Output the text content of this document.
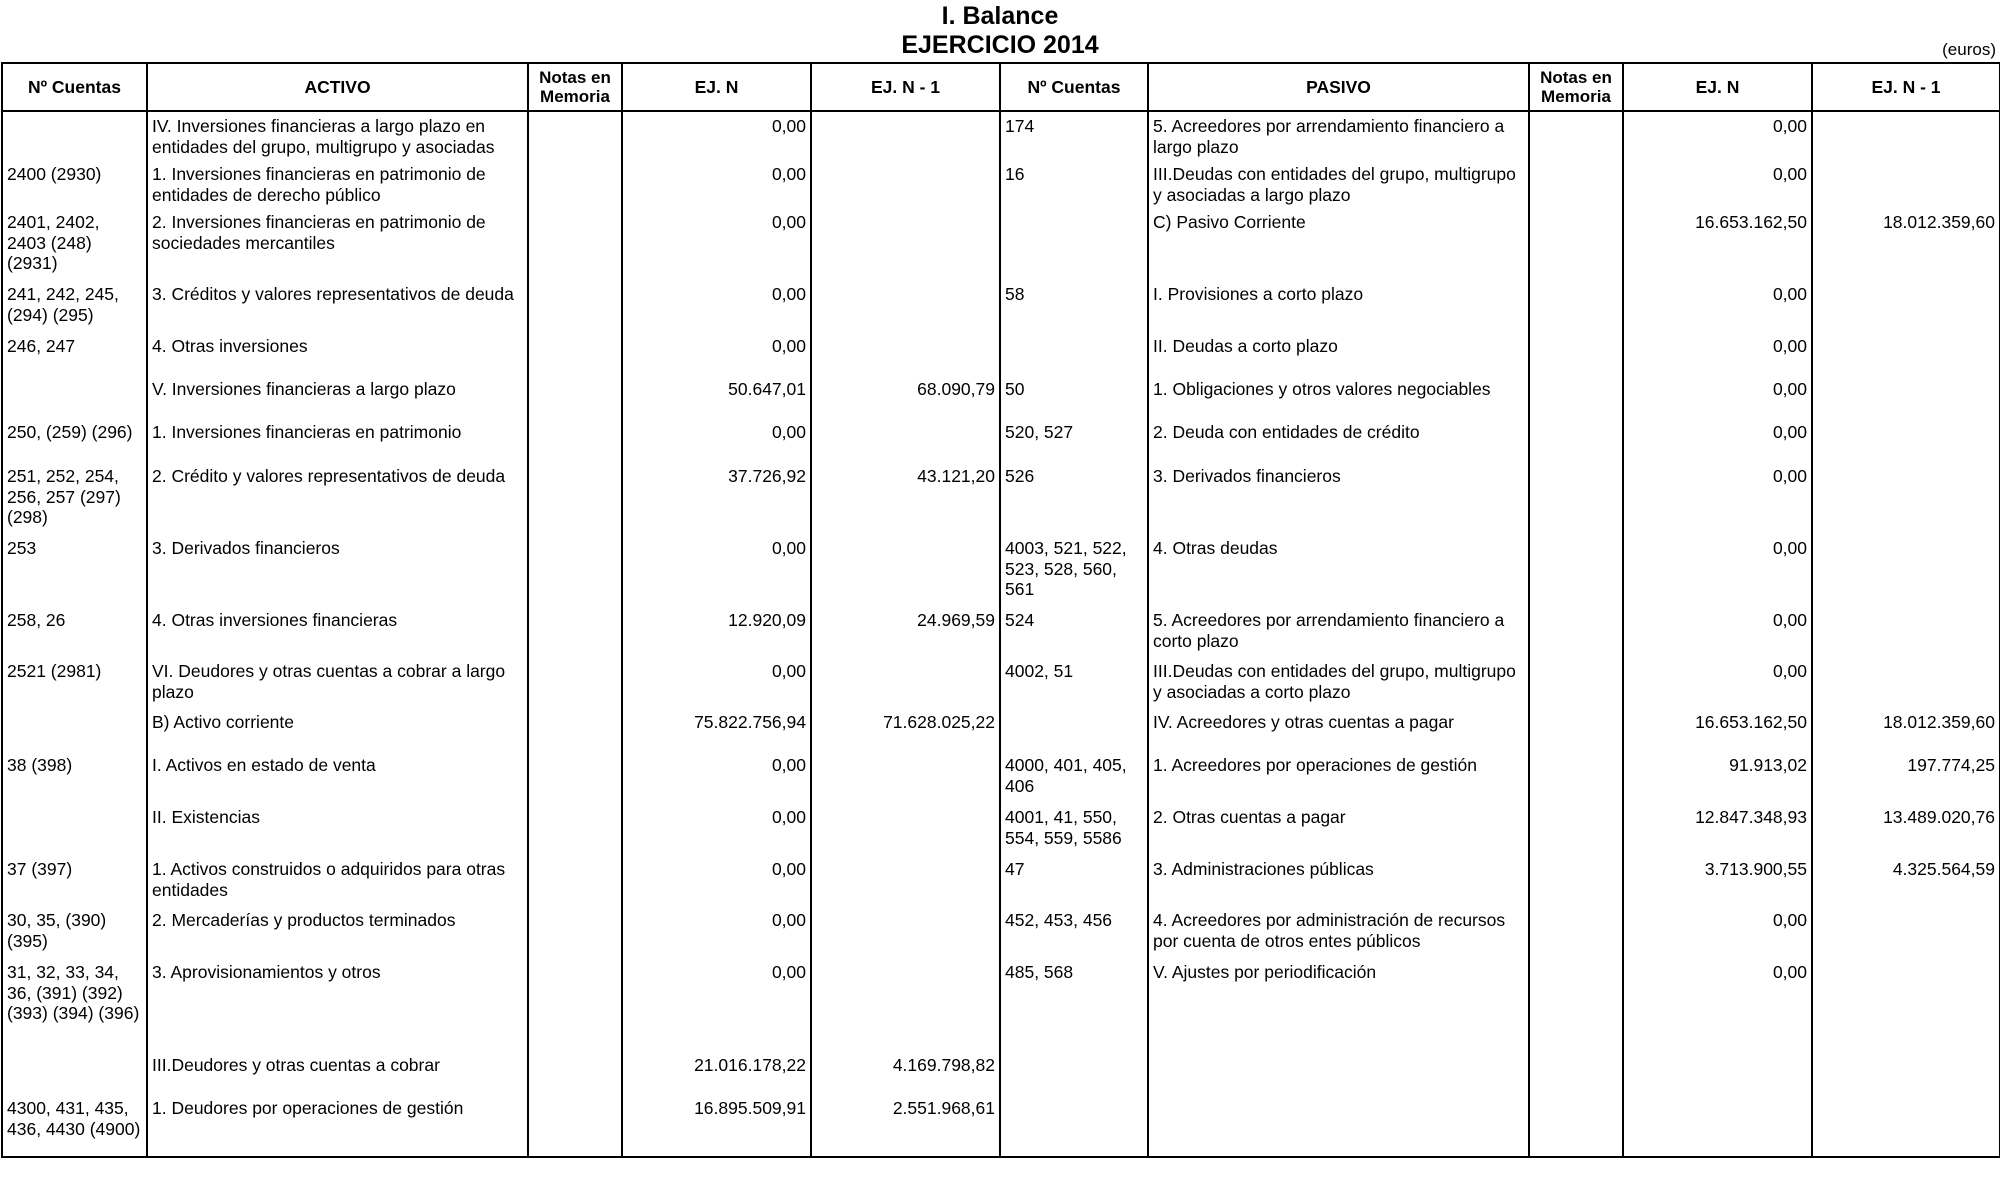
I. Balance
EJERCICIO 2014	(euros)
Nº Cuentas	ACTIVO	Notas en Memoria	EJ. N	EJ. N - 1	Nº Cuentas	PASIVO	Notas en Memoria	EJ. N	EJ. N - 1
	IV. Inversiones financieras a largo plazo en entidades del grupo, multigrupo y asociadas		0,00		174	5. Acreedores por arrendamiento financiero a largo plazo		0,00	
2400 (2930)	1. Inversiones financieras en patrimonio de entidades de derecho público		0,00		16	III.Deudas con entidades del grupo, multigrupo y asociadas a largo plazo		0,00	
2401, 2402, 2403 (248) (2931)	2. Inversiones financieras en patrimonio de sociedades mercantiles		0,00			C) Pasivo Corriente		16.653.162,50	18.012.359,60
241, 242, 245, (294) (295)	3. Créditos y valores representativos de deuda		0,00		58	I. Provisiones a corto plazo		0,00	
246, 247	4. Otras inversiones		0,00			II. Deudas a corto plazo		0,00	
	V. Inversiones financieras a largo plazo		50.647,01	68.090,79	50	1. Obligaciones y otros valores negociables		0,00	
250, (259) (296)	1. Inversiones financieras en patrimonio		0,00		520, 527	2. Deuda con entidades de crédito		0,00	
251, 252, 254, 256, 257 (297) (298)	2. Crédito y valores representativos de deuda		37.726,92	43.121,20	526	3. Derivados financieros		0,00	
253	3. Derivados financieros		0,00		4003, 521, 522, 523, 528, 560, 561	4. Otras deudas		0,00	
258, 26	4. Otras inversiones financieras		12.920,09	24.969,59	524	5. Acreedores por arrendamiento financiero a corto plazo		0,00	
2521 (2981)	VI. Deudores y otras cuentas a cobrar a largo plazo		0,00		4002, 51	III.Deudas con entidades del grupo, multigrupo y asociadas a corto plazo		0,00	
	B) Activo corriente		75.822.756,94	71.628.025,22		IV. Acreedores y otras cuentas a pagar		16.653.162,50	18.012.359,60
38 (398)	I. Activos en estado de venta		0,00		4000, 401, 405, 406	1. Acreedores por operaciones de gestión		91.913,02	197.774,25
	II. Existencias		0,00		4001, 41, 550, 554, 559, 5586	2. Otras cuentas a pagar		12.847.348,93	13.489.020,76
37 (397)	1. Activos construidos o adquiridos para otras entidades		0,00		47	3. Administraciones públicas		3.713.900,55	4.325.564,59
30, 35, (390) (395)	2. Mercaderías y productos terminados		0,00		452, 453, 456	4. Acreedores por administración de recursos por cuenta de otros entes públicos		0,00	
31, 32, 33, 34, 36, (391) (392) (393) (394) (396)	3. Aprovisionamientos y otros		0,00		485, 568	V. Ajustes por periodificación		0,00	
	III.Deudores y otras cuentas a cobrar		21.016.178,22	4.169.798,82					
4300, 431, 435, 436, 4430 (4900)	1. Deudores por operaciones de gestión		16.895.509,91	2.551.968,61					
